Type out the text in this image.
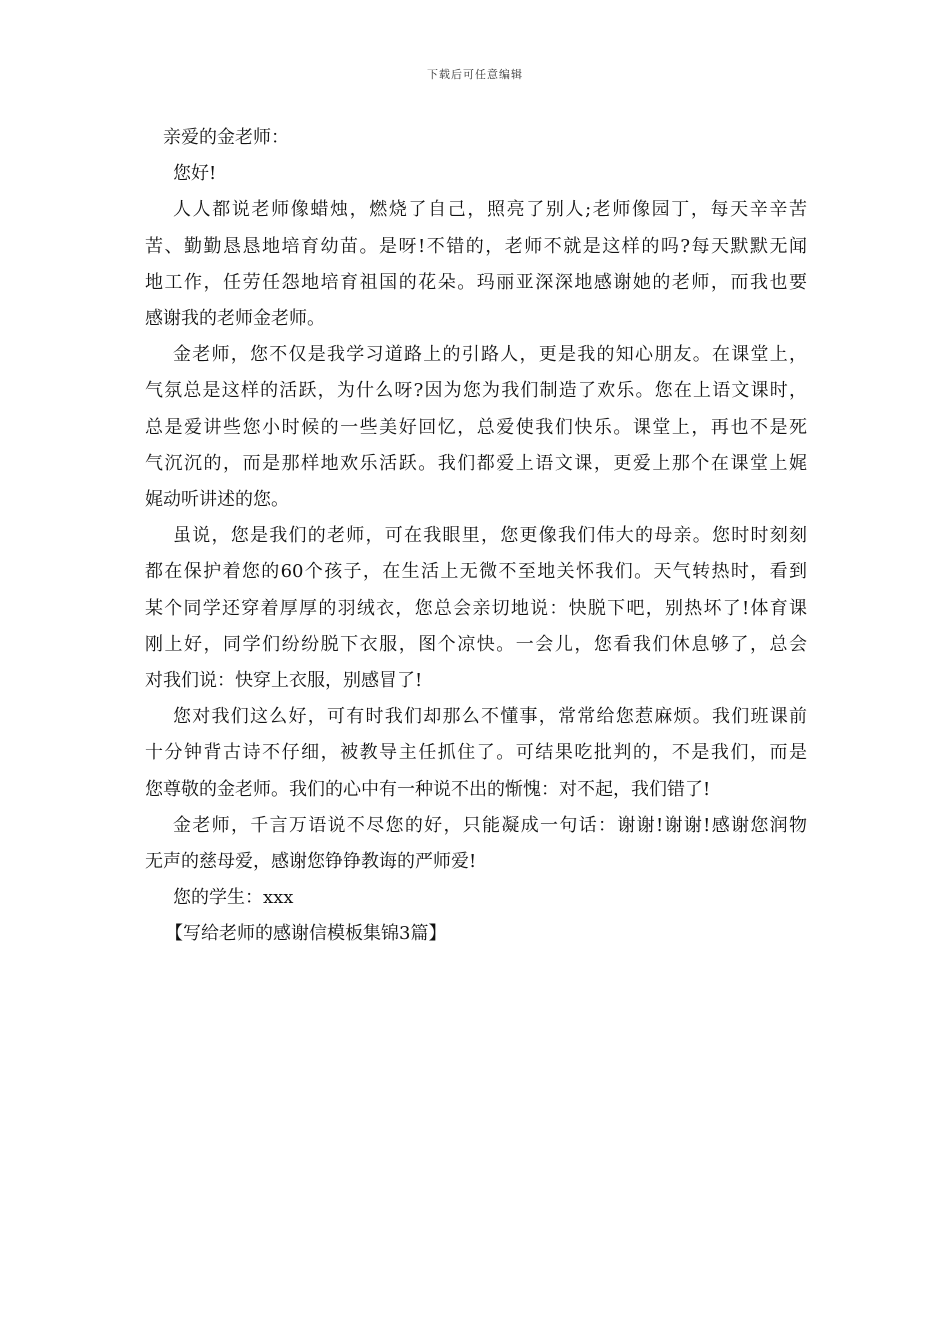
下载后可任意编辑
亲爱的金老师：
您好!
人人都说老师像蜡烛，燃烧了自己，照亮了别人;老师像园丁，每天辛辛苦
苦、勤勤恳恳地培育幼苗。是呀!不错的，老师不就是这样的吗?每天默默无闻
地工作，任劳任怨地培育祖国的花朵。玛丽亚深深地感谢她的老师，而我也要
感谢我的老师金老师。
金老师，您不仅是我学习道路上的引路人，更是我的知心朋友。在课堂上，
气氛总是这样的活跃，为什么呀?因为您为我们制造了欢乐。您在上语文课时，
总是爱讲些您小时候的一些美好回忆，总爱使我们快乐。课堂上，再也不是死
气沉沉的，而是那样地欢乐活跃。我们都爱上语文课，更爱上那个在课堂上娓
娓动听讲述的您。
虽说，您是我们的老师，可在我眼里，您更像我们伟大的母亲。您时时刻刻
都在保护着您的60个孩子，在生活上无微不至地关怀我们。天气转热时，看到
某个同学还穿着厚厚的羽绒衣，您总会亲切地说：快脱下吧，别热坏了!体育课
刚上好，同学们纷纷脱下衣服，图个凉快。一会儿，您看我们休息够了，总会
对我们说：快穿上衣服，别感冒了!
您对我们这么好，可有时我们却那么不懂事，常常给您惹麻烦。我们班课前
十分钟背古诗不仔细，被教导主任抓住了。可结果吃批判的，不是我们，而是
您尊敬的金老师。我们的心中有一种说不出的惭愧：对不起，我们错了!
金老师，千言万语说不尽您的好，只能凝成一句话：谢谢!谢谢!感谢您润物
无声的慈母爱，感谢您铮铮教诲的严师爱!
您的学生：xxx
【写给老师的感谢信模板集锦3篇】
